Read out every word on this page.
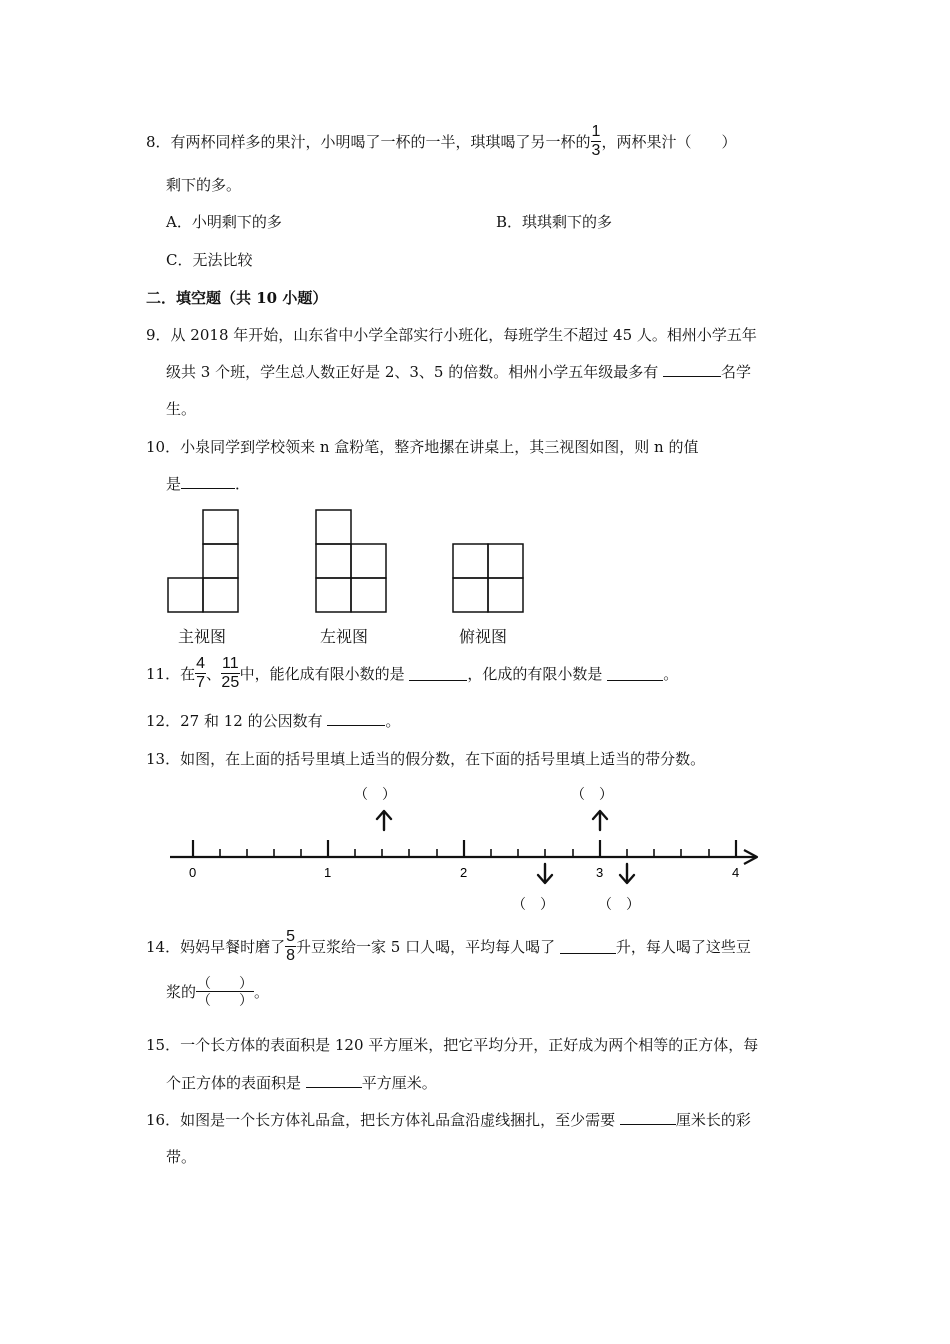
8．有两杯同样多的果汁，小明喝了一杯的一半，琪琪喝了另一杯的 $\frac{1}{3}$ ，两杯果汁（　　）
剩下的多。
A．小明剩下的多	B．琪琪剩下的多
C．无法比较
二．填空题（共 10 小题）
9．从 2018 年开始，山东省中小学全部实行小班化，每班学生不超过 45 人。相州小学五年
级共 3 个班，学生总人数正好是 2、3、5 的倍数。相州小学五年级最多有	名学
生。
10．小泉同学到学校领来 n 盒粉笔，整齐地摞在讲桌上，其三视图如图，则 n 的值
是	．
主视图	左视图	俯视图
11．在 $\frac{4}{7}$ 、 $\frac{11}{25}$ 中，能化成有限小数的是	，化成的有限小数是	。
12．27 和 12 的公因数有	。
13．如图，在上面的括号里填上适当的假分数，在下面的括号里填上适当的带分数。
（　）	（　）
0	1	2	3	4
（　）	（　）
14．妈妈早餐时磨了 $\frac{5}{8}$ 升豆浆给一家 5 口人喝，平均每人喝了	升，每人喝了这些豆
浆的 $\frac{( )}{( )}$ 。
15．一个长方体的表面积是 120 平方厘米，把它平均分开，正好成为两个相等的正方体，每
个正方体的表面积是	平方厘米。
16．如图是一个长方体礼品盒，把长方体礼品盒沿虚线捆扎，至少需要	厘米长的彩
带。
